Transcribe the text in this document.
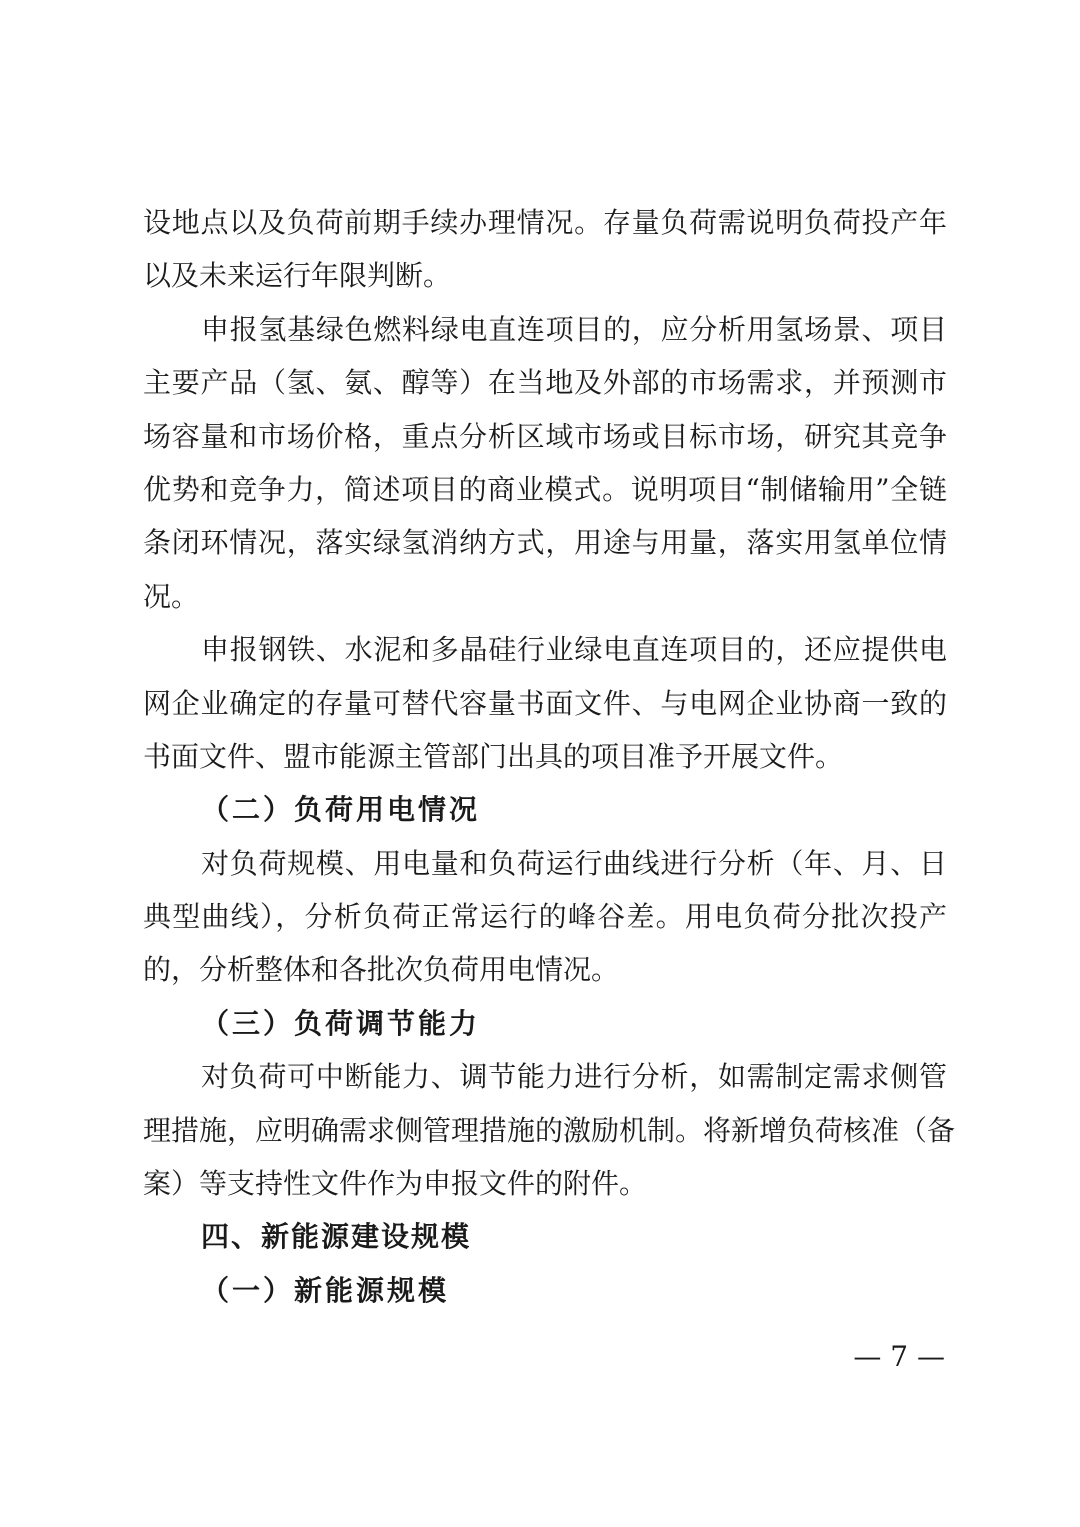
设地点以及负荷前期手续办理情况。存量负荷需说明负荷投产年
以及未来运行年限判断。
申报氢基绿色燃料绿电直连项目的，应分析用氢场景、项目
主要产品（氢、氨、醇等）在当地及外部的市场需求，并预测市
场容量和市场价格，重点分析区域市场或目标市场，研究其竞争
优势和竞争力，简述项目的商业模式。说明项目“制储输用”全链
条闭环情况，落实绿氢消纳方式，用途与用量，落实用氢单位情
况。
申报钢铁、水泥和多晶硅行业绿电直连项目的，还应提供电
网企业确定的存量可替代容量书面文件、与电网企业协商一致的
书面文件、盟市能源主管部门出具的项目准予开展文件。
（二）负荷用电情况
对负荷规模、用电量和负荷运行曲线进行分析（年、月、日
典型曲线），分析负荷正常运行的峰谷差。用电负荷分批次投产
的，分析整体和各批次负荷用电情况。
（三）负荷调节能力
对负荷可中断能力、调节能力进行分析，如需制定需求侧管
理措施，应明确需求侧管理措施的激励机制。将新增负荷核准（备
案）等支持性文件作为申报文件的附件。
四、新能源建设规模
（一）新能源规模
— 7 —
